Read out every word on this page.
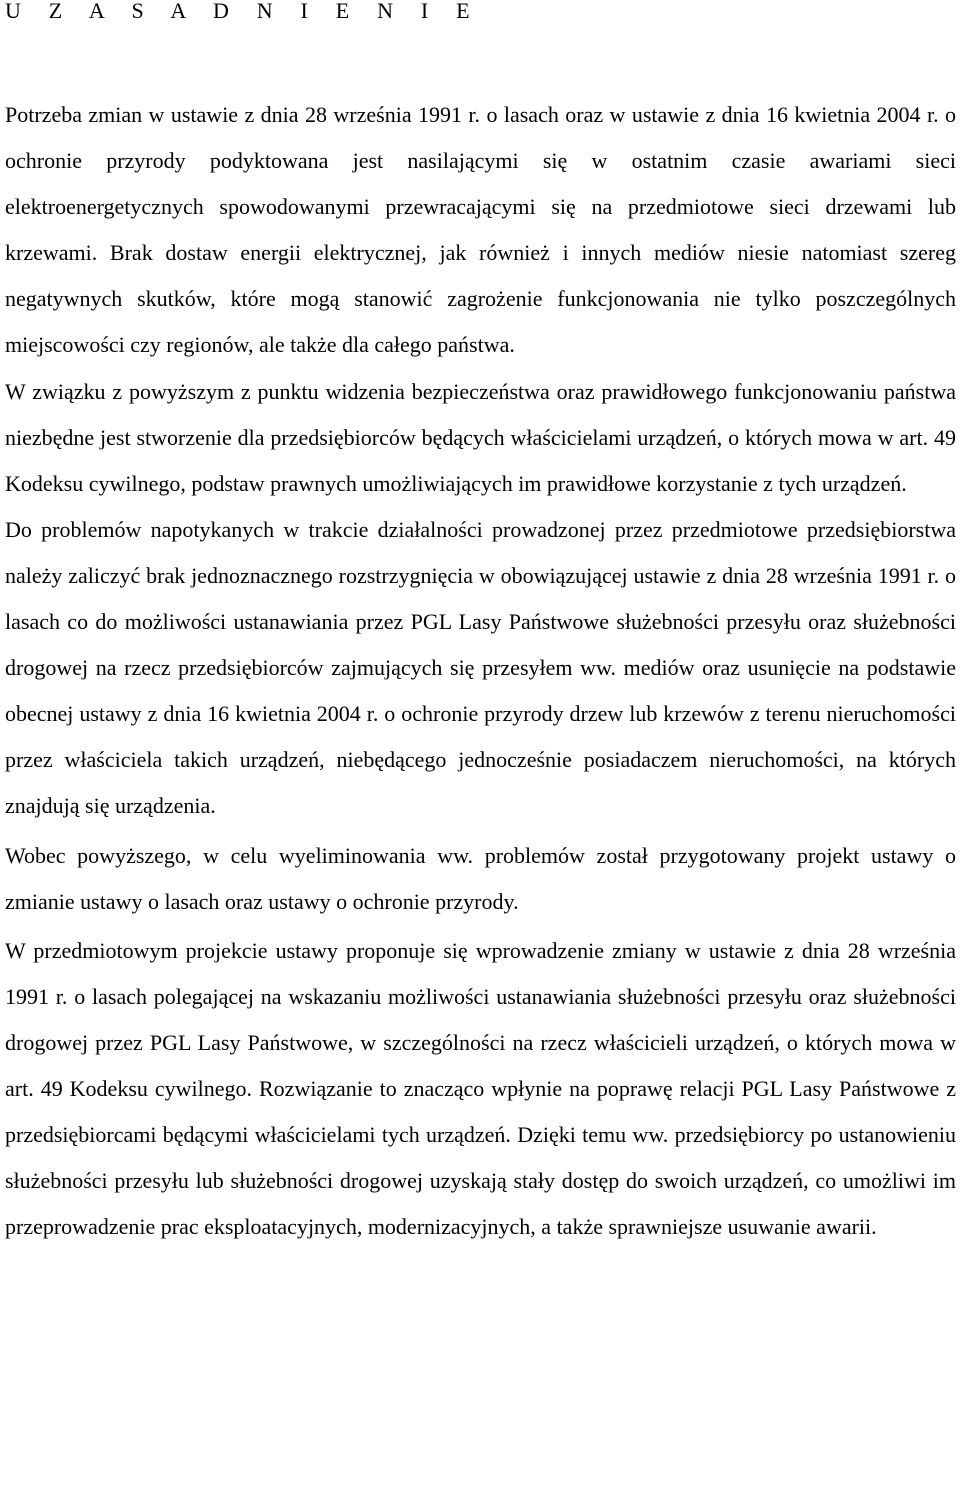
U Z A S A D N I E N I E

Potrzeba zmian w ustawie z dnia 28 września 1991 r. o lasach oraz w ustawie z dnia 16 kwietnia 2004 r. o ochronie przyrody podyktowana jest nasilającymi się w ostatnim czasie awariami sieci elektroenergetycznych spowodowanymi przewracającymi się na przedmiotowe sieci drzewami lub krzewami. Brak dostaw energii elektrycznej, jak również i innych mediów niesie natomiast szereg negatywnych skutków, które mogą stanowić zagrożenie funkcjonowania nie tylko poszczególnych miejscowości czy regionów, ale także dla całego państwa.

W związku z powyższym z punktu widzenia bezpieczeństwa oraz prawidłowego funkcjonowaniu państwa niezbędne jest stworzenie dla przedsiębiorców będących właścicielami urządzeń, o których mowa w art. 49 Kodeksu cywilnego, podstaw prawnych umożliwiających im prawidłowe korzystanie z tych urządzeń.

Do problemów napotykanych w trakcie działalności prowadzonej przez przedmiotowe przedsiębiorstwa należy zaliczyć brak jednoznacznego rozstrzygnięcia w obowiązującej ustawie z dnia 28 września 1991 r. o lasach co do możliwości ustanawiania przez PGL Lasy Państwowe służebności przesyłu oraz służebności drogowej na rzecz przedsiębiorców zajmujących się przesyłem ww. mediów oraz usunięcie na podstawie obecnej ustawy z dnia 16 kwietnia 2004 r. o ochronie przyrody drzew lub krzewów z terenu nieruchomości przez właściciela takich urządzeń, niebędącego jednocześnie posiadaczem nieruchomości, na których znajdują się urządzenia.

Wobec powyższego, w celu wyeliminowania ww. problemów został przygotowany projekt ustawy o zmianie ustawy o lasach oraz ustawy o ochronie przyrody.

W przedmiotowym projekcie ustawy proponuje się wprowadzenie zmiany w ustawie z dnia 28 września 1991 r. o lasach polegającej na wskazaniu możliwości ustanawiania służebności przesyłu oraz służebności drogowej przez PGL Lasy Państwowe, w szczególności na rzecz właścicieli urządzeń, o których mowa w art. 49 Kodeksu cywilnego. Rozwiązanie to znacząco wpłynie na poprawę relacji PGL Lasy Państwowe z przedsiębiorcami będącymi właścicielami tych urządzeń. Dzięki temu ww. przedsiębiorcy po ustanowieniu służebności przesyłu lub służebności drogowej uzyskają stały dostęp do swoich urządzeń, co umożliwi im przeprowadzenie prac eksploatacyjnych, modernizacyjnych, a także sprawniejsze usuwanie awarii.
